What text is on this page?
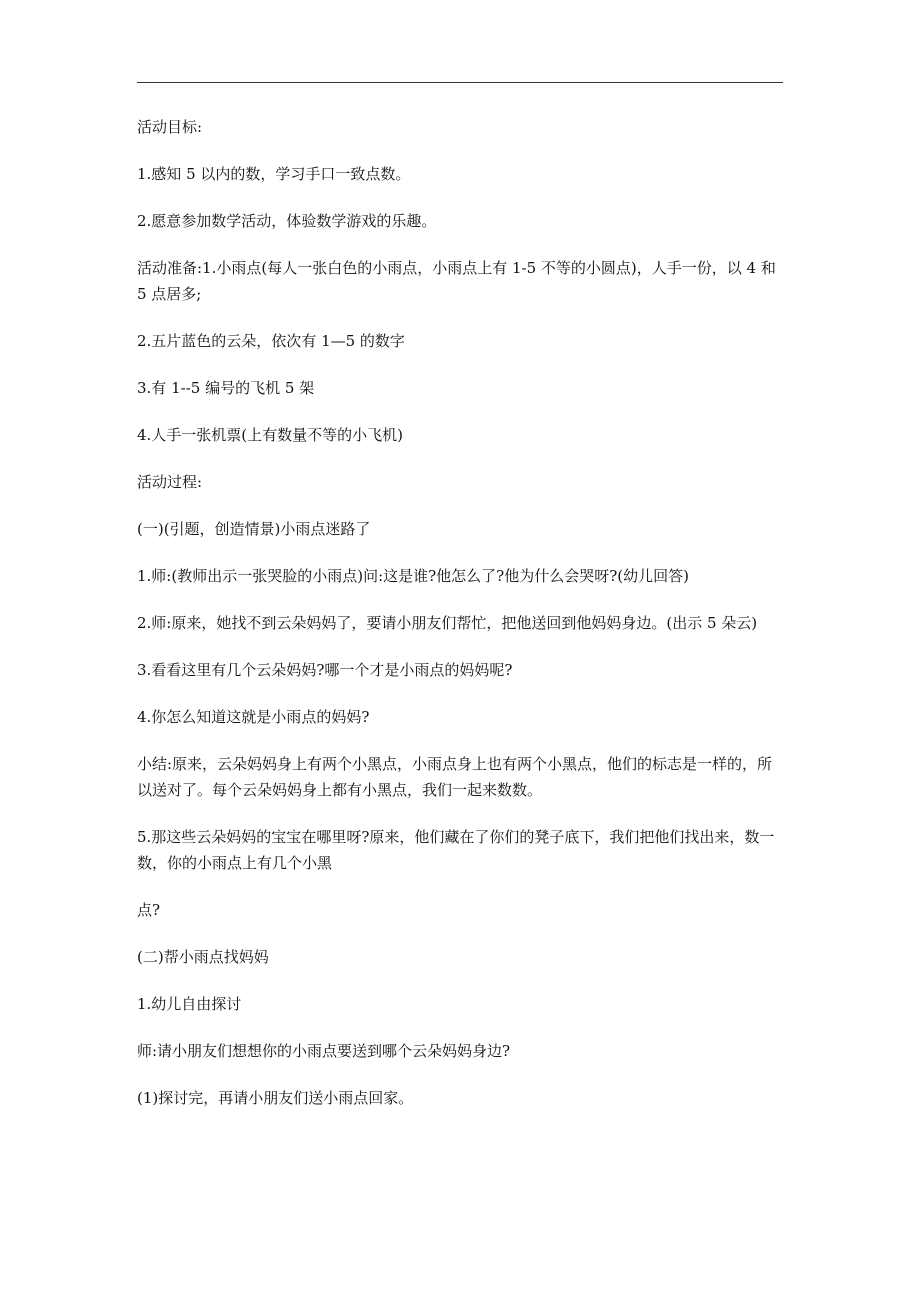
活动目标:

1.感知 5 以内的数，学习手口一致点数。

2.愿意参加数学活动，体验数学游戏的乐趣。

活动准备:1.小雨点(每人一张白色的小雨点，小雨点上有 1-5 不等的小圆点)，人手一份，以 4 和 5 点居多;

2.五片蓝色的云朵，依次有 1—5 的数字

3.有 1--5 编号的飞机 5 架

4.人手一张机票(上有数量不等的小飞机)

活动过程:

(一)(引题，创造情景)小雨点迷路了

1.师:(教师出示一张哭脸的小雨点)问:这是谁?他怎么了?他为什么会哭呀?(幼儿回答)

2.师:原来，她找不到云朵妈妈了，要请小朋友们帮忙，把他送回到他妈妈身边。(出示 5 朵云)

3.看看这里有几个云朵妈妈?哪一个才是小雨点的妈妈呢?

4.你怎么知道这就是小雨点的妈妈?

小结:原来，云朵妈妈身上有两个小黑点，小雨点身上也有两个小黑点，他们的标志是一样的，所以送对了。每个云朵妈妈身上都有小黑点，我们一起来数数。

5.那这些云朵妈妈的宝宝在哪里呀?原来，他们藏在了你们的凳子底下，我们把他们找出来，数一数，你的小雨点上有几个小黑

点?

(二)帮小雨点找妈妈

1.幼儿自由探讨

师:请小朋友们想想你的小雨点要送到哪个云朵妈妈身边?

(1)探讨完，再请小朋友们送小雨点回家。
